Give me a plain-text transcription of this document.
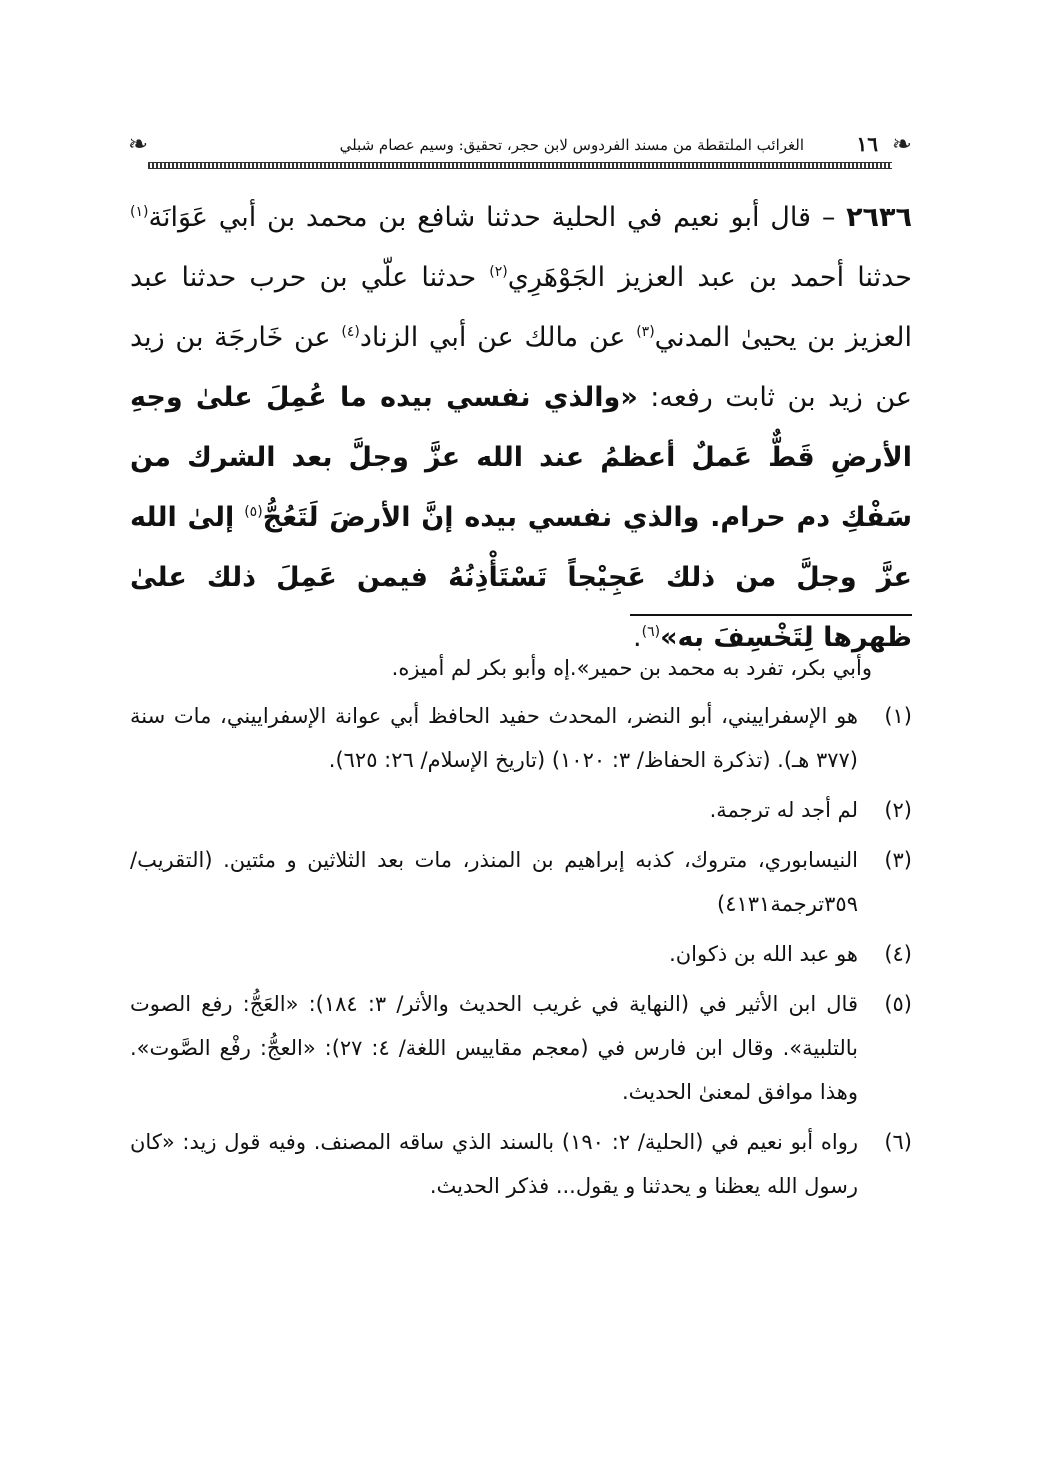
❧
١٦
الغرائب الملتقطة من مسند الفردوس لابن حجر، تحقيق: وسيم عصام شبلي
❧

٢٦٣٦ – قال أبو نعيم في الحلية حدثنا شافع بن محمد بن أبي عَوَانَة$^{(١)}$ حدثنا أحمد بن عبد العزيز الجَوْهَرِي$^{(٢)}$ حدثنا علّي بن حرب حدثنا عبد العزيز بن يحيىٰ المدني$^{(٣)}$ عن مالك عن أبي الزناد$^{(٤)}$ عن خَارجَة بن زيد عن زيد بن ثابت رفعه: «والذي نفسي بيده ما عُمِلَ علىٰ وجهِ الأرضِ قَطٌّ عَملٌ أعظمُ عند الله عزَّ وجلَّ بعد الشرك من سَفْكِ دم حرام. والذي نفسي بيده إنَّ الأرضَ لَتَعُجُّ$^{(٥)}$ إلىٰ الله عزَّ وجلَّ من ذلك عَجِيْجاً تَسْتَأْذِنُهُ فيمن عَمِلَ ذلك علىٰ ظهرها لِتَخْسِفَ به»$^{(٦)}$.

وأبي بكر، تفرد به محمد بن حمير».إه وأبو بكر لم أميزه.

(١)
هو الإسفراييني، أبو النضر، المحدث حفيد الحافظ أبي عوانة الإسفراييني، مات سنة (٣٧٧ هـ). (تذكرة الحفاظ/ ٣: ١٠٢٠) (تاريخ الإسلام/ ٢٦: ٦٢٥).
(٢)
لم أجد له ترجمة.
(٣)
النيسابوري، متروك، كذبه إبراهيم بن المنذر، مات بعد الثلاثين و مئتين. (التقريب/ ٣٥٩ترجمة٤١٣١)
(٤)
هو عبد الله بن ذكوان.
(٥)
قال ابن الأثير في (النهاية في غريب الحديث والأثر/ ٣: ١٨٤): «العَجُّ: رفع الصوت بالتلبية». وقال ابن فارس في (معجم مقاييس اللغة/ ٤: ٢٧): «العجُّ: رفْع الصَّوت». وهذا موافق لمعنىٰ الحديث.
(٦)
رواه أبو نعيم في (الحلية/ ٢: ١٩٠) بالسند الذي ساقه المصنف. وفيه قول زيد: «كان رسول الله يعظنا و يحدثنا و يقول... فذكر الحديث.
